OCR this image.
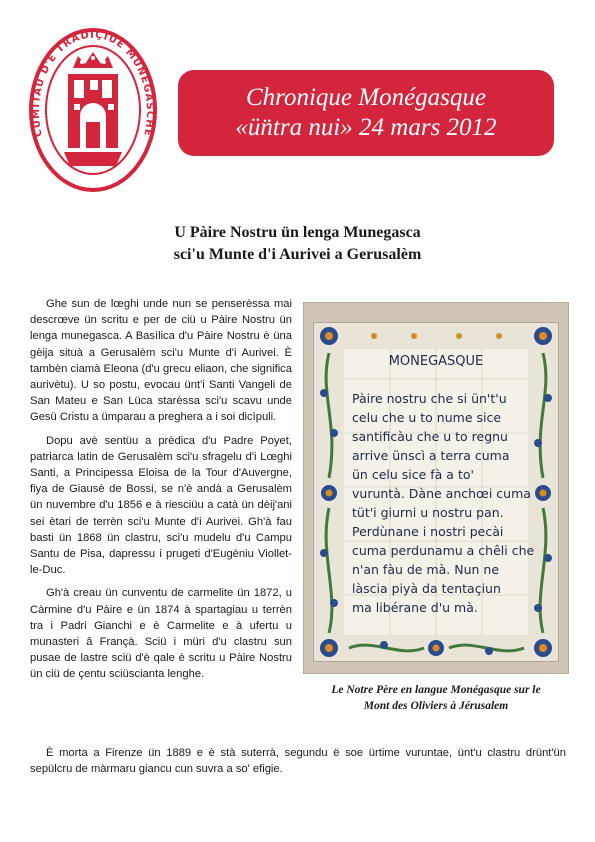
CUMITAU D'E TRADIÇIUE MUNEGASCHE
Chronique Monégasque
«ün̈tra nui» 24 mars 2012
U Pàire Nostru ün lenga Munegasca
sci'u Munte d'i Aurivei a Gerusalèm

Ghe sun de lœghi unde nun se penserèssa mai descrœve ün scritu e per de ciü u Pàire Nostru ün lenga munegasca. A Basìlica d'u Pàire Nostru è üna gèija situà a Gerusalèm sci'u Munte d'i Aurivei. È tambèn ciamà Eleona (d'u grecu eliaon, che significa aurivètu). U so postu, evocau ünt'i Santi Vangeli de San Mateu e San Lüca starèssa sci'u scavu unde Gesü Cristu a ümparau a preghera a i soi dicìpuli.

Dopu avè sentüu a prèdica d'u Padre Poyet, patriarca latin de Gerusalèm sci'u sfragelu d'i Lœghi Santi, a Principessa Eloisa de la Tour d'Auvergne, fiya de Giausè de Bossi, se n'è andà a Gerusalèm ün nuvembre d'u 1856 e à riesciüu a catà ün dèij'ani sei ètari de terrèn sci'u Munte d'i Aurivei. Gh'à fau basti ün 1868 ün clastru, sci'u mudelu d'u Campu Santu de Pisa, dapressu i prugeti d'Eugèniu Viollet-le-Duc.

Gh'à creau ün cunventu de carmelite ün 1872, u Càrmine d'u Pàire e ün 1874 à spartagiau u terrèn tra i Padri Gianchi e è Carmelite e à ufertu u munasteri â Françà. Sciü i müri d'u clastru sun pusae de lastre sciü d'è qale è scritu u Pàire Nostru ün ciü de çentu sciüscianta lenghe.

MONEGASQUE
Pàire nostru che si ün't'u
celu che u to nume sice
santificàu che u to regnu
arrive ünscì a terra cuma
ün celu sice fà a to'
vuruntà. Dàne anchœi cuma
tüt'i giurni u nostru pan.
Perdùnane i nostri pecài
cuma perdunamu a chêli che
n'an fàu de mà. Nun ne
làscia piyà da tentaçiun
ma libérane d'u mà.
Le Notre Père en langue Monégasque sur le
Mont des Oliviers à Jérusalem
È morta a Firenze ün 1889 e è stà suterrà, segundu ë soe ürtime vuruntae, ünt'u clastru drünt'ün sepülcru de màrmaru giancu cun suvra a so' efigie.
